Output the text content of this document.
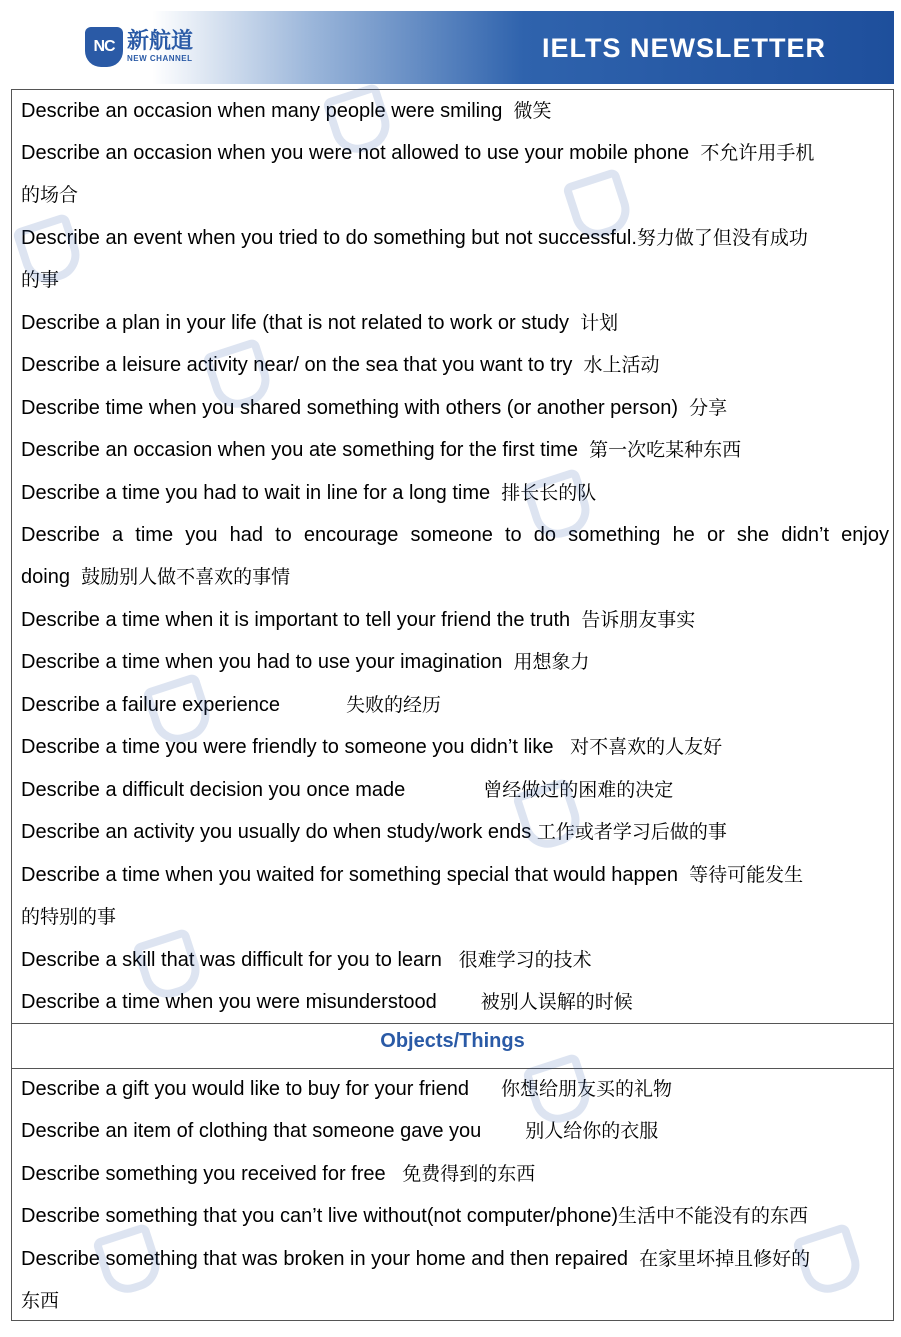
NC 新航道
NEW CHANNEL	IELTS NEWSLETTER
Describe an occasion when many people were smiling 微笑
Describe an occasion when you were not allowed to use your mobile phone 不允许用手机
的场合
Describe an event when you tried to do something but not successful.努力做了但没有成功
的事
Describe a plan in your life (that is not related to work or study 计划
Describe a leisure activity near/ on the sea that you want to try 水上活动
Describe time when you shared something with others (or another person) 分享
Describe an occasion when you ate something for the first time 第一次吃某种东西
Describe a time you had to wait in line for a long time 排长长的队
Describe a time you had to encourage someone to do something he or she didn’t enjoy
doing 鼓励别人做不喜欢的事情
Describe a time when it is important to tell your friend the truth 告诉朋友事实
Describe a time when you had to use your imagination 用想象力
Describe a failure experience	失败的经历
Describe a time you were friendly to someone you didn’t like 对不喜欢的人友好
Describe a difficult decision you once made	曾经做过的困难的决定
Describe an activity you usually do when study/work ends 工作或者学习后做的事
Describe a time when you waited for something special that would happen 等待可能发生
的特别的事
Describe a skill that was difficult for you to learn 很难学习的技术
Describe a time when you were misunderstood 被别人误解的时候
Objects/Things
Describe a gift you would like to buy for your friend 你想给朋友买的礼物
Describe an item of clothing that someone gave you 别人给你的衣服
Describe something you received for free 免费得到的东西
Describe something that you can’t live without(not computer/phone)生活中不能没有的东西
Describe something that was broken in your home and then repaired 在家里坏掉且修好的
东西
